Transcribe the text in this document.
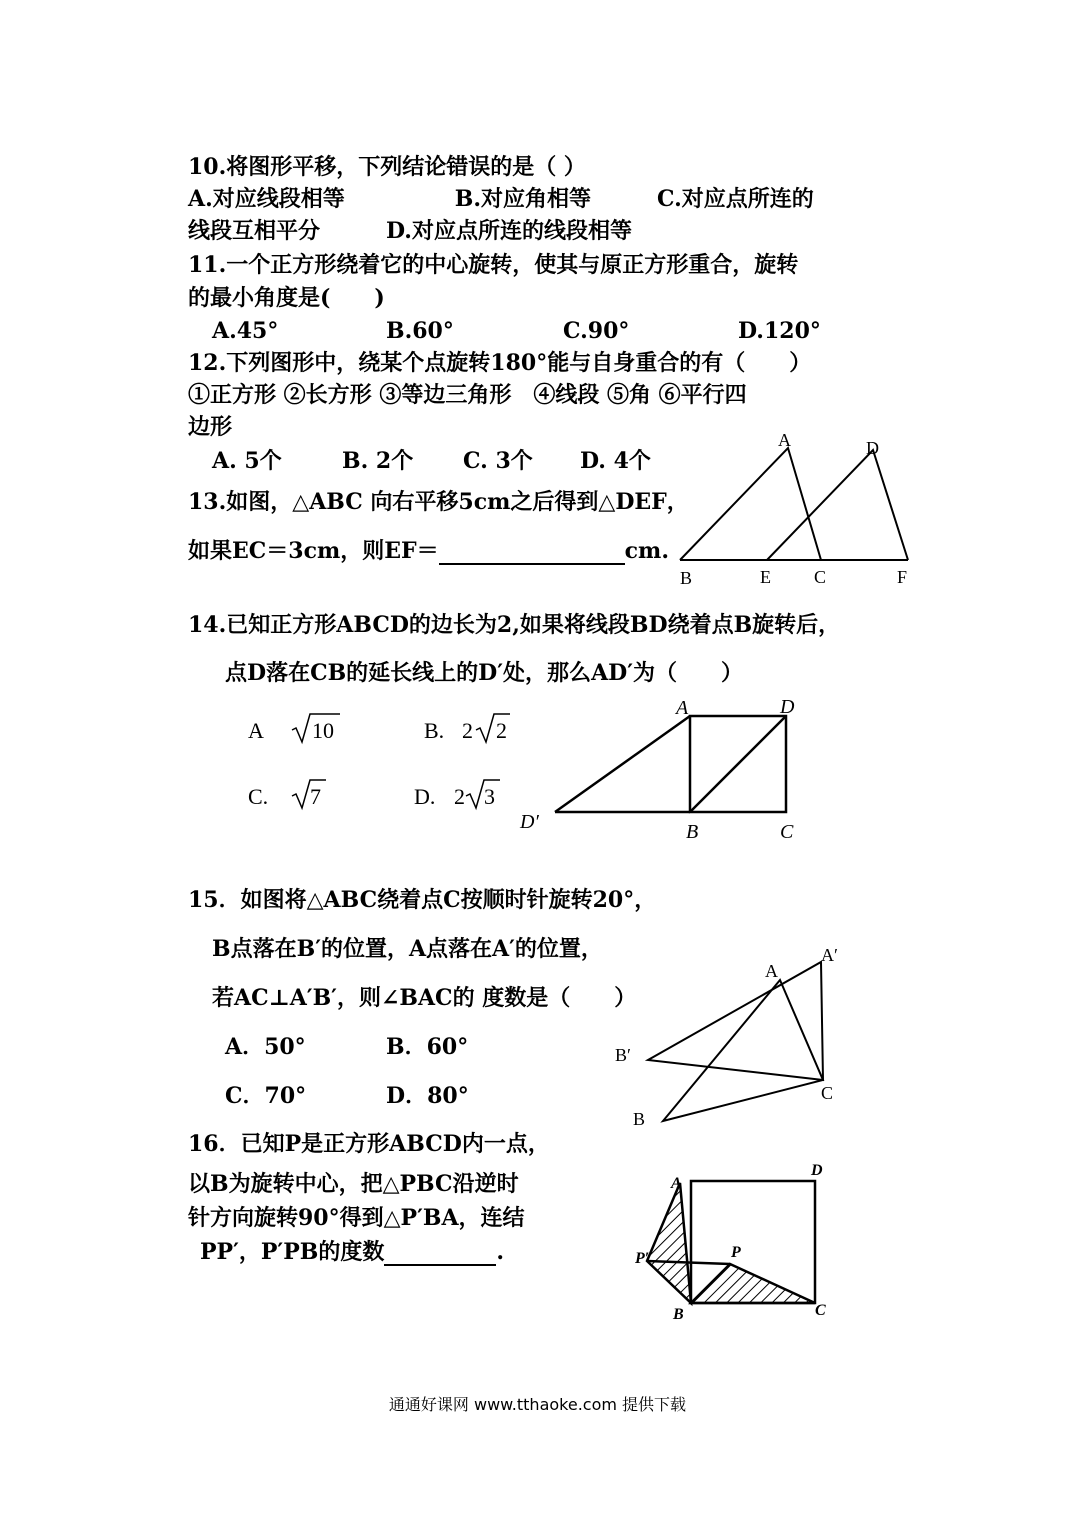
10.将图形平移，下列结论错误的是（ ）
A.对应线段相等　　　　　B.对应角相等　　　C.对应点所连的
线段互相平分　　　D.对应点所连的线段相等
11.一个正方形绕着它的中心旋转，使其与原正方形重合，旋转
的最小角度是(　　)
A.45°	B.60°	C.90°	D.120°
12.下列图形中，绕某个点旋转180°能与自身重合的有（　　）
①正方形 ②长方形 ③等边三角形　④线段 ⑤角 ⑥平行四
边形
A. 5个	B. 2个 C. 3个 D. 4个
13.如图，△ABC 向右平移5cm之后得到△DEF，
如果EC＝3cm，则EF＝	cm.
A	D
B	E C	F
14.已知正方形ABCD的边长为2,如果将线段BD绕着点B旋转后，
点D落在CB的延长线上的D′处，那么AD′为（　　）
A 10	B. 2 2
C. 7	D. 2 3
A	D
D′	B	C
15．如图将△ABC绕着点C按顺时针旋转20°，
B点落在B′的位置，A点落在A′的位置，
若AC⊥A′B′，则∠BAC的 度数是（　　）
A．50°	B．60°
C．70°	D．80°
A
A′
B′
B
C
16．已知P是正方形ABCD内一点，
以B为旋转中心，把△PBC沿逆时
针方向旋转90°得到△P′BA，连结
PP′，P′PB的度数	.
A
D
P′	P
B	C
通通好课网 www.tthaoke.com 提供下载
